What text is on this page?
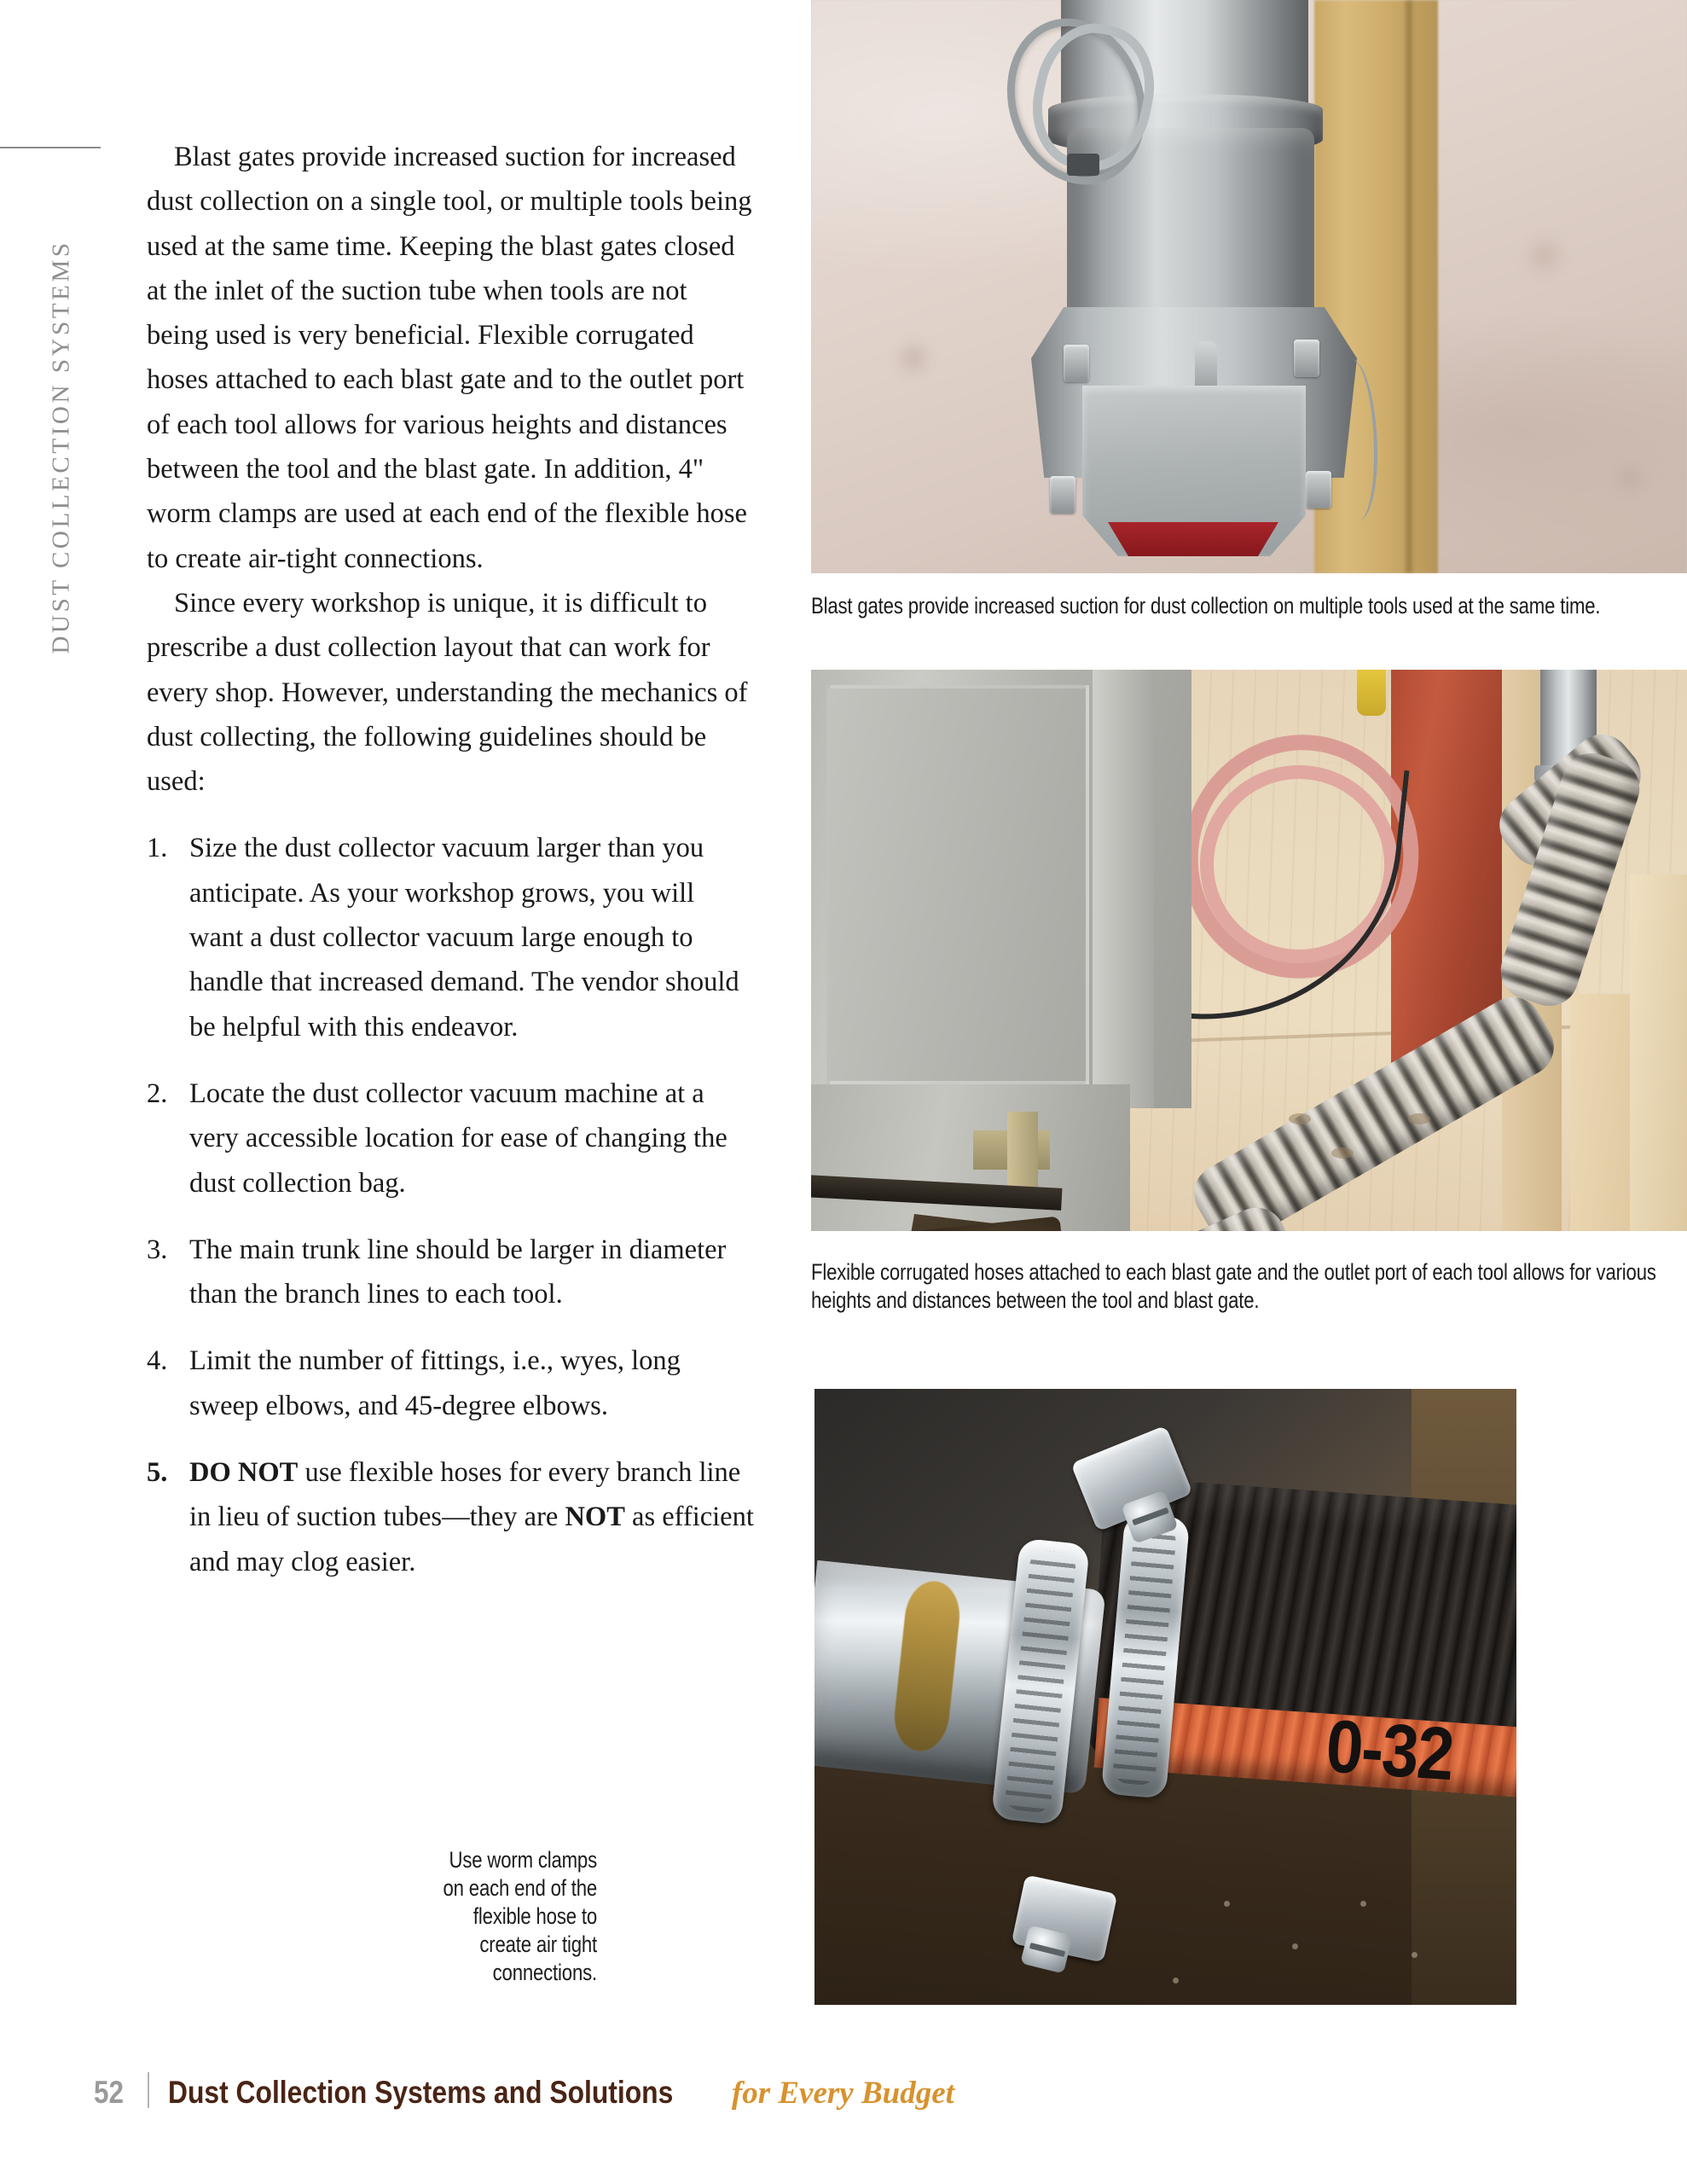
DUST COLLECTION SYSTEMS

Blast gates provide increased suction for increased dust collection on a single tool, or multiple tools being used at the same time. Keeping the blast gates closed at the inlet of the suction tube when tools are not being used is very beneficial. Flexible corrugated hoses attached to each blast gate and to the outlet port of each tool allows for various heights and distances between the tool and the blast gate. In addition, 4" worm clamps are used at each end of the flexible hose to create air-tight connections.

Since every workshop is unique, it is difficult to prescribe a dust collection layout that can work for every shop. However, understanding the mechanics of dust collecting, the following guidelines should be used:

1. Size the dust collector vacuum larger than you anticipate. As your workshop grows, you will want a dust collector vacuum large enough to handle that increased demand. The vendor should be helpful with this endeavor.
2. Locate the dust collector vacuum machine at a very accessible location for ease of changing the dust collection bag.
3. The main trunk line should be larger in diameter than the branch lines to each tool.
4. Limit the number of fittings, i.e., wyes, long sweep elbows, and 45-degree elbows.
5. DO NOT use flexible hoses for every branch line in lieu of suction tubes—they are NOT as efficient and may clog easier.
Blast gates provide increased suction for dust collection on multiple tools used at the same time.
Flexible corrugated hoses attached to each blast gate and the outlet port of each tool allows for various heights and distances between the tool and blast gate.
0-32
Use worm clamps on each end of the flexible hose to create air tight connections.
52 Dust Collection Systems and Solutions for Every Budget
